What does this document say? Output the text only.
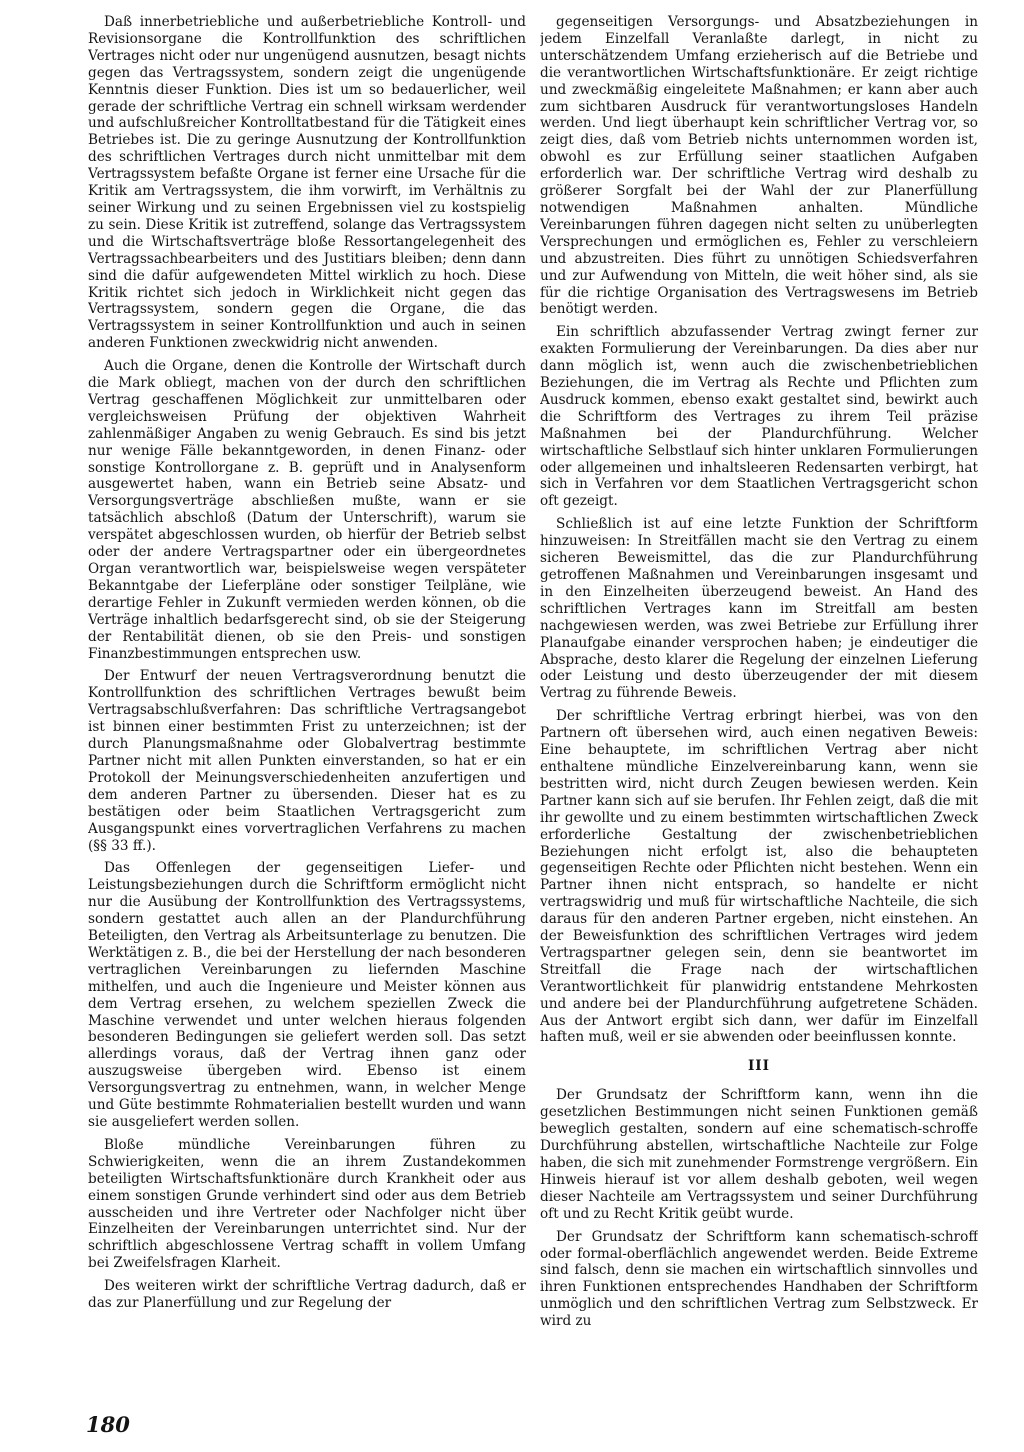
Daß innerbetriebliche und außerbetriebliche Kontroll- und Revisionsorgane die Kontrollfunktion des schriftlichen Vertrages nicht oder nur ungenügend ausnutzen, besagt nichts gegen das Vertragssystem, sondern zeigt die ungenügende Kenntnis dieser Funktion. Dies ist um so bedauerlicher, weil gerade der schriftliche Vertrag ein schnell wirksam werdender und aufschlußreicher Kontrolltatbestand für die Tätigkeit eines Betriebes ist. Die zu geringe Ausnutzung der Kontrollfunktion des schriftlichen Vertrages durch nicht unmittelbar mit dem Vertragssystem befaßte Organe ist ferner eine Ursache für die Kritik am Vertragssystem, die ihm vorwirft, im Verhältnis zu seiner Wirkung und zu seinen Ergebnissen viel zu kostspielig zu sein. Diese Kritik ist zutreffend, solange das Vertragssystem und die Wirtschaftsverträge bloße Ressortangelegenheit des Vertragssachbearbeiters und des Justitiars bleiben; denn dann sind die dafür aufgewendeten Mittel wirklich zu hoch. Diese Kritik richtet sich jedoch in Wirklichkeit nicht gegen das Vertragssystem, sondern gegen die Organe, die das Vertragssystem in seiner Kontrollfunktion und auch in seinen anderen Funktionen zweckwidrig nicht anwenden.

Auch die Organe, denen die Kontrolle der Wirtschaft durch die Mark obliegt, machen von der durch den schriftlichen Vertrag geschaffenen Möglichkeit zur unmittelbaren oder vergleichsweisen Prüfung der objektiven Wahrheit zahlenmäßiger Angaben zu wenig Gebrauch. Es sind bis jetzt nur wenige Fälle bekanntgeworden, in denen Finanz- oder sonstige Kontrollorgane z. B. geprüft und in Analysenform ausgewertet haben, wann ein Betrieb seine Absatz- und Versorgungsverträge abschließen mußte, wann er sie tatsächlich abschloß (Datum der Unterschrift), warum sie verspätet abgeschlossen wurden, ob hierfür der Betrieb selbst oder der andere Vertragspartner oder ein übergeordnetes Organ verantwortlich war, beispielsweise wegen verspäteter Bekanntgabe der Lieferpläne oder sonstiger Teilpläne, wie derartige Fehler in Zukunft vermieden werden können, ob die Verträge inhaltlich bedarfsgerecht sind, ob sie der Steigerung der Rentabilität dienen, ob sie den Preis- und sonstigen Finanzbestimmungen entsprechen usw.

Der Entwurf der neuen Vertragsverordnung benutzt die Kontrollfunktion des schriftlichen Vertrages bewußt beim Vertragsabschlußverfahren: Das schriftliche Vertragsangebot ist binnen einer bestimmten Frist zu unterzeichnen; ist der durch Planungsmaßnahme oder Globalvertrag bestimmte Partner nicht mit allen Punkten einverstanden, so hat er ein Protokoll der Meinungsverschiedenheiten anzufertigen und dem anderen Partner zu übersenden. Dieser hat es zu bestätigen oder beim Staatlichen Vertragsgericht zum Ausgangspunkt eines vorvertraglichen Verfahrens zu machen (§§ 33 ff.).

Das Offenlegen der gegenseitigen Liefer- und Leistungsbeziehungen durch die Schriftform ermöglicht nicht nur die Ausübung der Kontrollfunktion des Vertragssystems, sondern gestattet auch allen an der Plandurchführung Beteiligten, den Vertrag als Arbeitsunterlage zu benutzen. Die Werktätigen z. B., die bei der Herstellung der nach besonderen vertraglichen Vereinbarungen zu liefernden Maschine mithelfen, und auch die Ingenieure und Meister können aus dem Vertrag ersehen, zu welchem speziellen Zweck die Maschine verwendet und unter welchen hieraus folgenden besonderen Bedingungen sie geliefert werden soll. Das setzt allerdings voraus, daß der Vertrag ihnen ganz oder auszugsweise übergeben wird. Ebenso ist einem Versorgungsvertrag zu entnehmen, wann, in welcher Menge und Güte bestimmte Rohmaterialien bestellt wurden und wann sie ausgeliefert werden sollen.

Bloße mündliche Vereinbarungen führen zu Schwierigkeiten, wenn die an ihrem Zustandekommen beteiligten Wirtschaftsfunktionäre durch Krankheit oder aus einem sonstigen Grunde verhindert sind oder aus dem Betrieb ausscheiden und ihre Vertreter oder Nachfolger nicht über Einzelheiten der Vereinbarungen unterrichtet sind. Nur der schriftlich abgeschlossene Vertrag schafft in vollem Umfang bei Zweifelsfragen Klarheit.

Des weiteren wirkt der schriftliche Vertrag dadurch, daß er das zur Planerfüllung und zur Regelung der

gegenseitigen Versorgungs- und Absatzbeziehungen in jedem Einzelfall Veranlaßte darlegt, in nicht zu unterschätzendem Umfang erzieherisch auf die Betriebe und die verantwortlichen Wirtschaftsfunktionäre. Er zeigt richtige und zweckmäßig eingeleitete Maßnahmen; er kann aber auch zum sichtbaren Ausdruck für verantwortungsloses Handeln werden. Und liegt überhaupt kein schriftlicher Vertrag vor, so zeigt dies, daß vom Betrieb nichts unternommen worden ist, obwohl es zur Erfüllung seiner staatlichen Aufgaben erforderlich war. Der schriftliche Vertrag wird deshalb zu größerer Sorgfalt bei der Wahl der zur Planerfüllung notwendigen Maßnahmen anhalten. Mündliche Vereinbarungen führen dagegen nicht selten zu unüberlegten Versprechungen und ermöglichen es, Fehler zu verschleiern und abzustreiten. Dies führt zu unnötigen Schiedsverfahren und zur Aufwendung von Mitteln, die weit höher sind, als sie für die richtige Organisation des Vertragswesens im Betrieb benötigt werden.

Ein schriftlich abzufassender Vertrag zwingt ferner zur exakten Formulierung der Vereinbarungen. Da dies aber nur dann möglich ist, wenn auch die zwischenbetrieblichen Beziehungen, die im Vertrag als Rechte und Pflichten zum Ausdruck kommen, ebenso exakt gestaltet sind, bewirkt auch die Schriftform des Vertrages zu ihrem Teil präzise Maßnahmen bei der Plandurchführung. Welcher wirtschaftliche Selbstlauf sich hinter unklaren Formulierungen oder allgemeinen und inhaltsleeren Redensarten verbirgt, hat sich in Verfahren vor dem Staatlichen Vertragsgericht schon oft gezeigt.

Schließlich ist auf eine letzte Funktion der Schriftform hinzuweisen: In Streitfällen macht sie den Vertrag zu einem sicheren Beweismittel, das die zur Plandurchführung getroffenen Maßnahmen und Vereinbarungen insgesamt und in den Einzelheiten überzeugend beweist. An Hand des schriftlichen Vertrages kann im Streitfall am besten nachgewiesen werden, was zwei Betriebe zur Erfüllung ihrer Planaufgabe einander versprochen haben; je eindeutiger die Absprache, desto klarer die Regelung der einzelnen Lieferung oder Leistung und desto überzeugender der mit diesem Vertrag zu führende Beweis.

Der schriftliche Vertrag erbringt hierbei, was von den Partnern oft übersehen wird, auch einen negativen Beweis: Eine behauptete, im schriftlichen Vertrag aber nicht enthaltene mündliche Einzelvereinbarung kann, wenn sie bestritten wird, nicht durch Zeugen bewiesen werden. Kein Partner kann sich auf sie berufen. Ihr Fehlen zeigt, daß die mit ihr gewollte und zu einem bestimmten wirtschaftlichen Zweck erforderliche Gestaltung der zwischenbetrieblichen Beziehungen nicht erfolgt ist, also die behaupteten gegenseitigen Rechte oder Pflichten nicht bestehen. Wenn ein Partner ihnen nicht entsprach, so handelte er nicht vertragswidrig und muß für wirtschaftliche Nachteile, die sich daraus für den anderen Partner ergeben, nicht einstehen. An der Beweisfunktion des schriftlichen Vertrages wird jedem Vertragspartner gelegen sein, denn sie beantwortet im Streitfall die Frage nach der wirtschaftlichen Verantwortlichkeit für planwidrig entstandene Mehrkosten und andere bei der Plandurchführung aufgetretene Schäden. Aus der Antwort ergibt sich dann, wer dafür im Einzelfall haften muß, weil er sie abwenden oder beeinflussen konnte.

III

Der Grundsatz der Schriftform kann, wenn ihn die gesetzlichen Bestimmungen nicht seinen Funktionen gemäß beweglich gestalten, sondern auf eine schematisch-schroffe Durchführung abstellen, wirtschaftliche Nachteile zur Folge haben, die sich mit zunehmender Formstrenge vergrößern. Ein Hinweis hierauf ist vor allem deshalb geboten, weil wegen dieser Nachteile am Vertragssystem und seiner Durchführung oft und zu Recht Kritik geübt wurde.

Der Grundsatz der Schriftform kann schematisch-schroff oder formal-oberflächlich angewendet werden. Beide Extreme sind falsch, denn sie machen ein wirtschaftlich sinnvolles und ihren Funktionen entsprechendes Handhaben der Schriftform unmöglich und den schriftlichen Vertrag zum Selbstzweck. Er wird zu

180
